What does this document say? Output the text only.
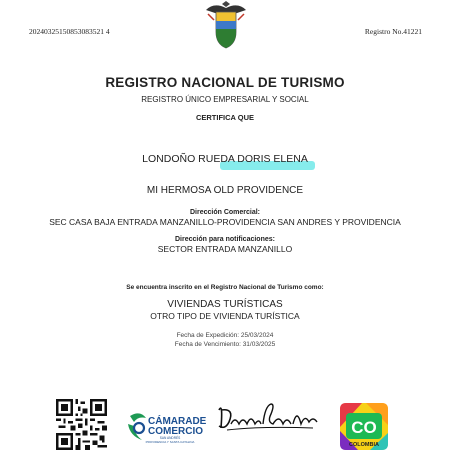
20240325150853083521 4	Registro No.41221
REGISTRO NACIONAL DE TURISMO
REGISTRO ÚNICO EMPRESARIAL Y SOCIAL
CERTIFICA QUE
LONDOÑO RUEDA DORIS ELENA
MI HERMOSA OLD PROVIDENCE
Dirección Comercial:
SEC CASA BAJA ENTRADA MANZANILLO-PROVIDENCIA SAN ANDRES Y PROVIDENCIA
Dirección para notificaciones:
SECTOR ENTRADA MANZANILLO
Se encuentra inscrito en el Registro Nacional de Turismo como:
VIVIENDAS TURÍSTICAS
OTRO TIPO DE VIVIENDA TURÍSTICA
Fecha de Expedición: 25/03/2024
Fecha de Vencimiento: 31/03/2025
CÁMARADE
COMERCIO
SAN ANDRÉS
PROVIDENCIA Y SANTA CATALINA
CO
COLOMBIA
